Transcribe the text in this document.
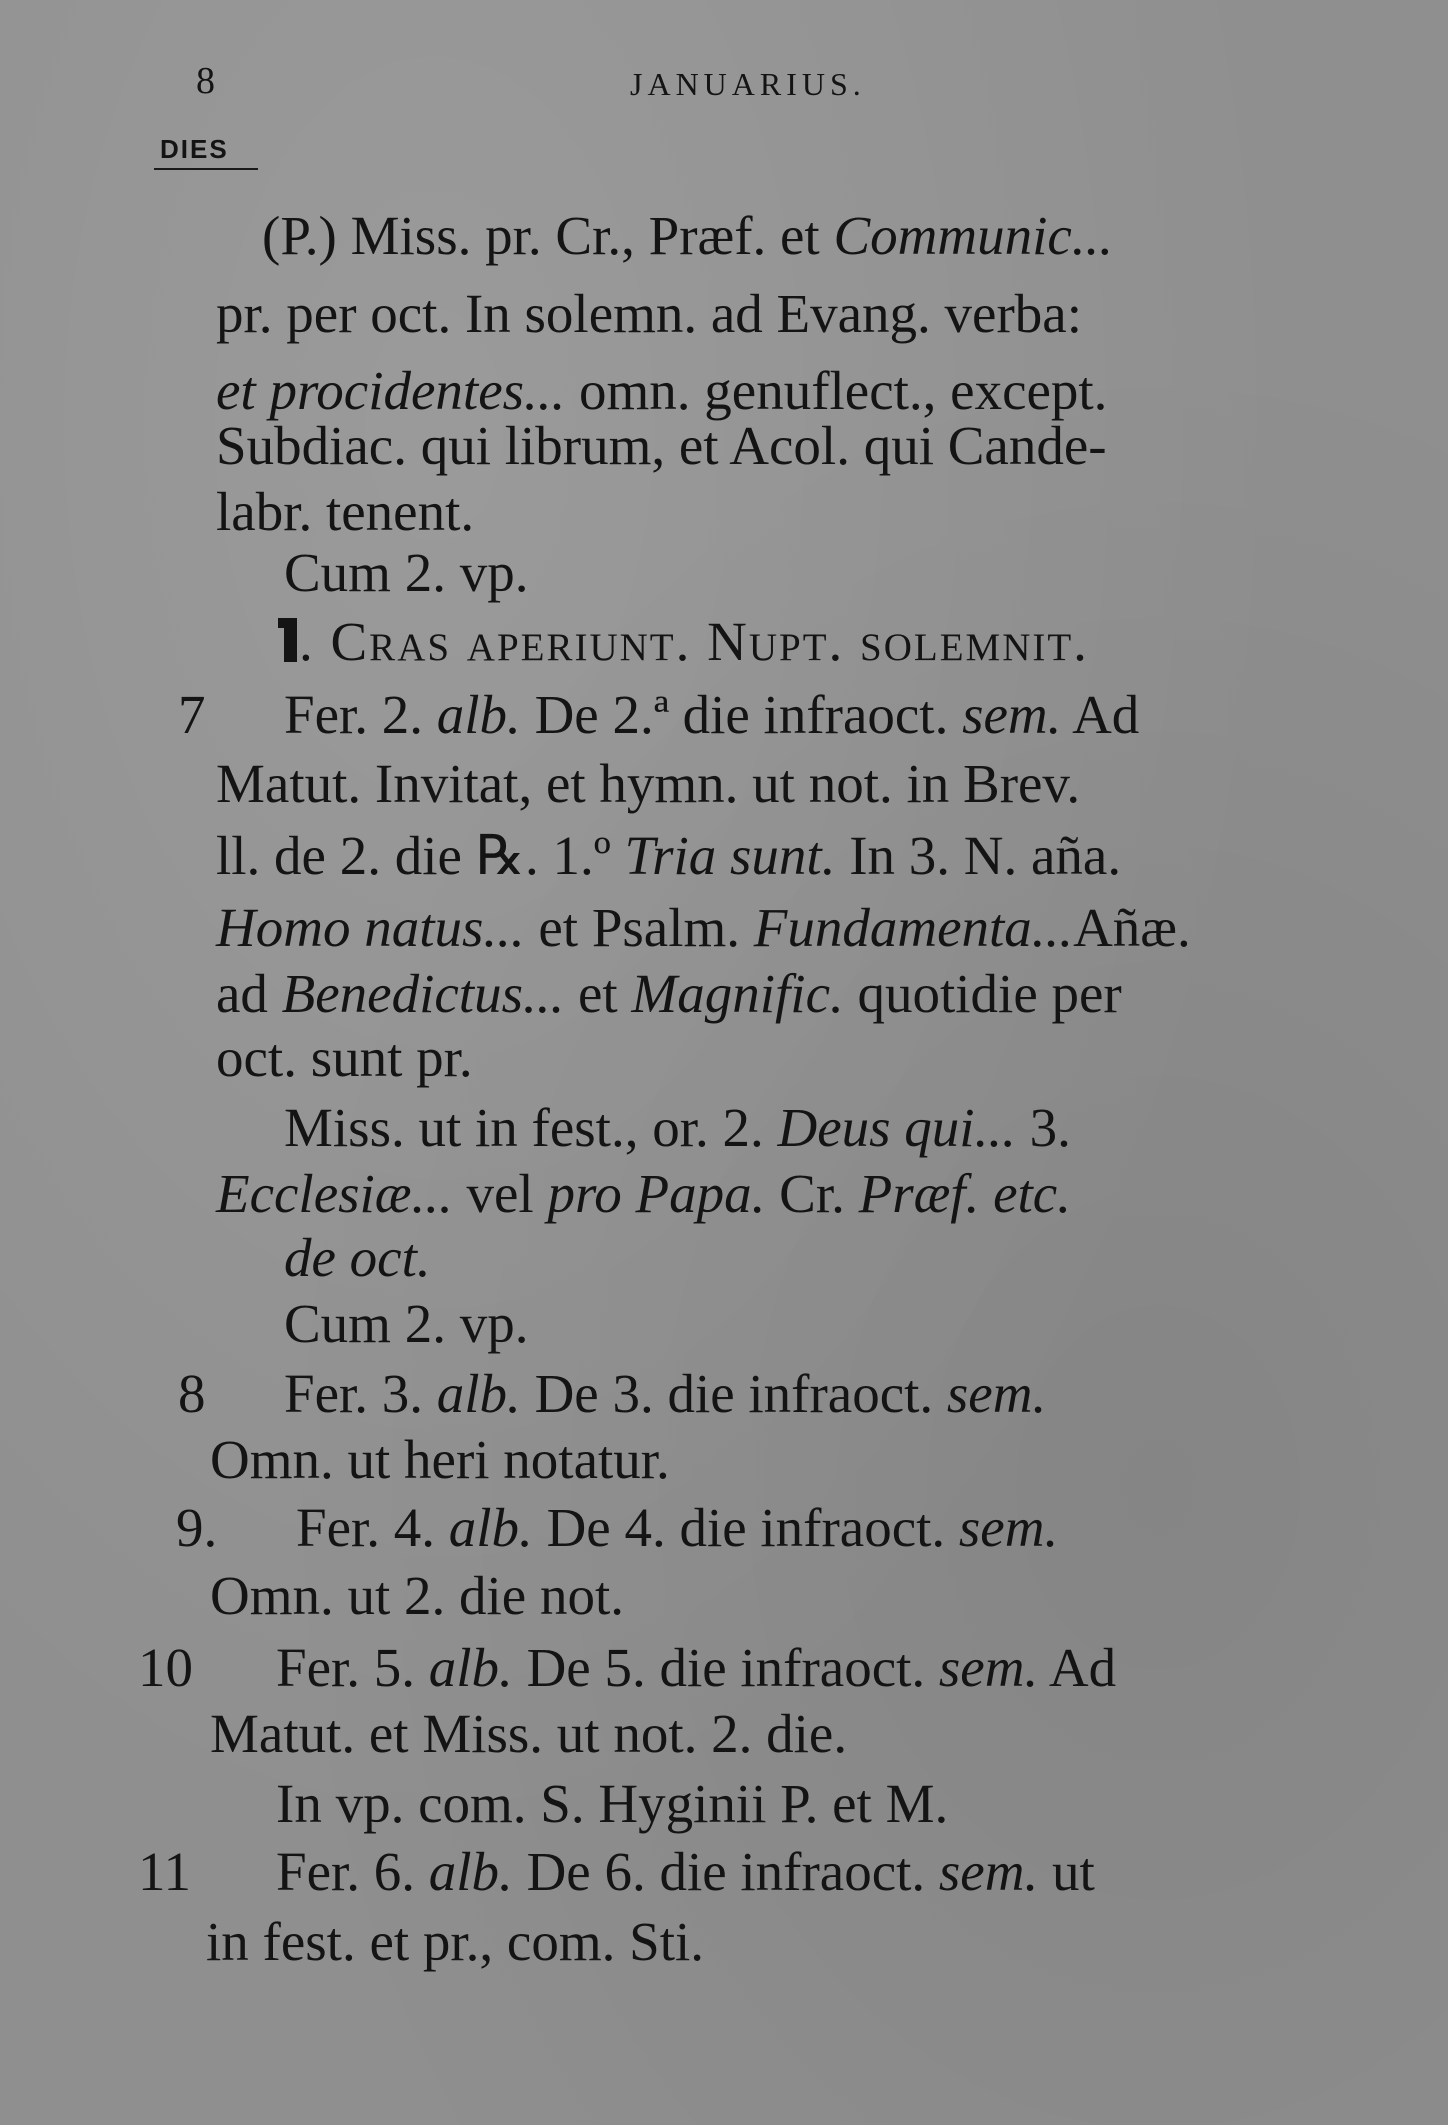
8	JANUARIUS.
DIES
(P.) Miss. pr. Cr., Præf. et Communic...
pr. per oct. In solemn. ad Evang. verba:
et procidentes... omn. genuflect., except.
Subdiac. qui librum, et Acol. qui Cande-
labr. tenent.
Cum 2. vp.
. Cras aperiunt. Nupt. solemnit.
7 Fer. 2. alb. De 2.ª die infraoct. sem. Ad
Matut. Invitat, et hymn. ut not. in Brev.
ll. de 2. die ℞. 1.º Tria sunt. In 3. N. aña.
Homo natus... et Psalm. Fundamenta...Añæ.
ad Benedictus... et Magnific. quotidie per
oct. sunt pr.
Miss. ut in fest., or. 2. Deus qui... 3.
Ecclesiæ... vel pro Papa. Cr. Præf. etc.
de oct.
Cum 2. vp.
8 Fer. 3. alb. De 3. die infraoct. sem.
Omn. ut heri notatur.
9. Fer. 4. alb. De 4. die infraoct. sem.
Omn. ut 2. die not.
10 Fer. 5. alb. De 5. die infraoct. sem. Ad
Matut. et Miss. ut not. 2. die.
In vp. com. S. Hyginii P. et M.
11 Fer. 6. alb. De 6. die infraoct. sem. ut
in fest. et pr., com. Sti.
